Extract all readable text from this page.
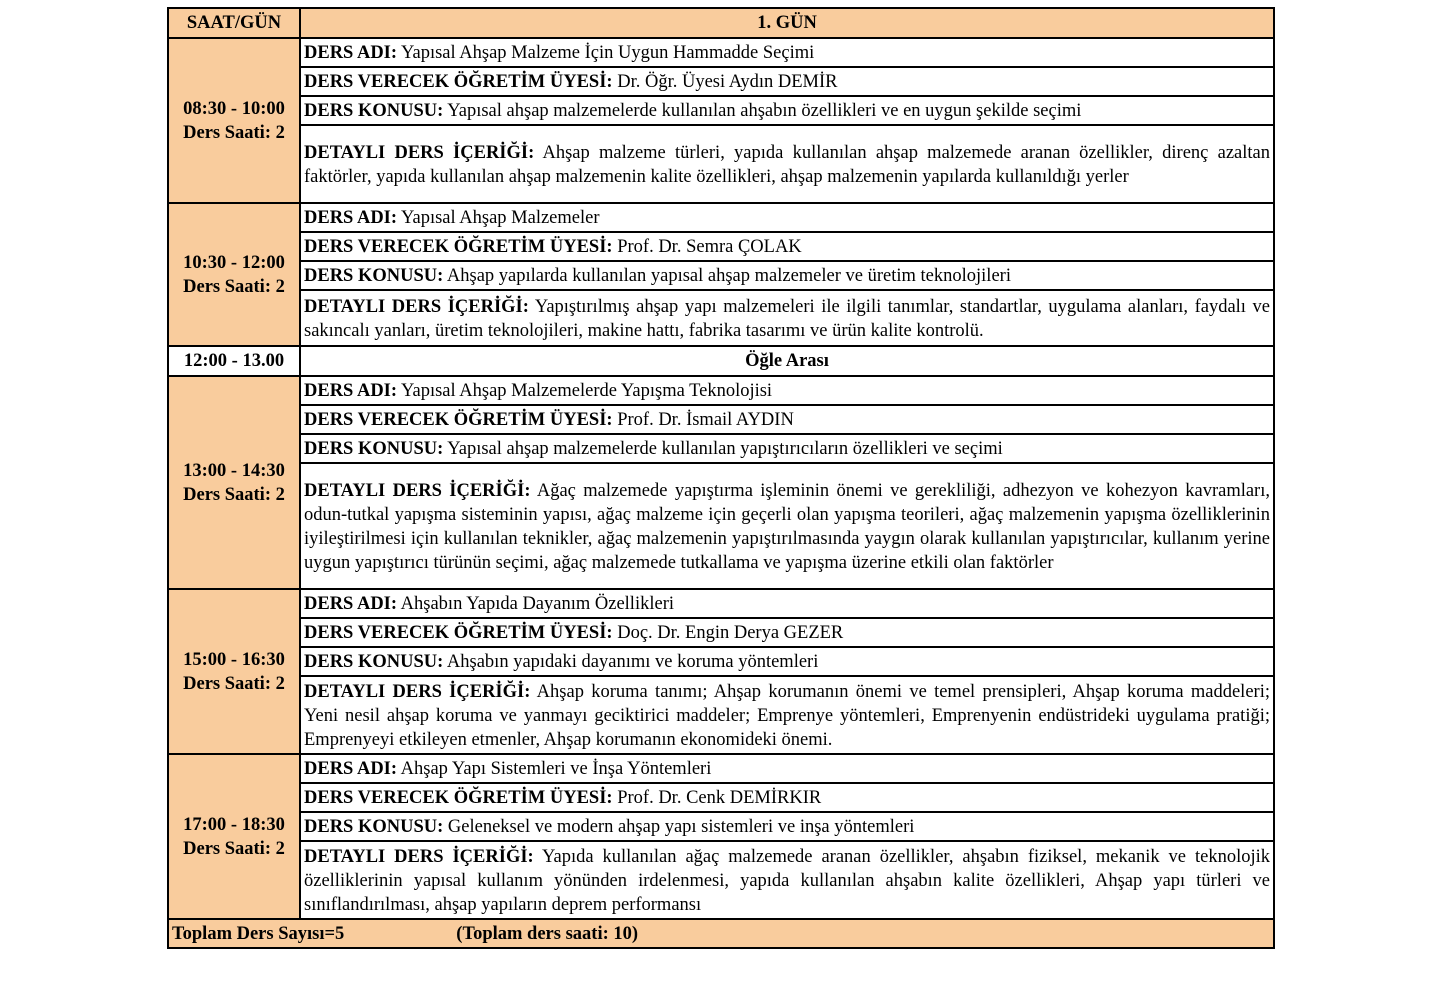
SAAT/GÜN	1. GÜN

08:30 - 10:00
Ders Saati: 2	DERS ADI: Yapısal Ahşap Malzeme İçin Uygun Hammadde Seçimi
	DERS VERECEK ÖĞRETİM ÜYESİ: Dr. Öğr. Üyesi Aydın DEMİR
	DERS KONUSU: Yapısal ahşap malzemelerde kullanılan ahşabın özellikleri ve en uygun şekilde seçimi
	DETAYLI DERS İÇERİĞİ: Ahşap malzeme türleri, yapıda kullanılan ahşap malzemede aranan özellikler, direnç azaltan faktörler, yapıda kullanılan ahşap malzemenin kalite özellikleri, ahşap malzemenin yapılarda kullanıldığı yerler

10:30 - 12:00
Ders Saati: 2	DERS ADI: Yapısal Ahşap Malzemeler
	DERS VERECEK ÖĞRETİM ÜYESİ: Prof. Dr. Semra ÇOLAK
	DERS KONUSU: Ahşap yapılarda kullanılan yapısal ahşap malzemeler ve üretim teknolojileri
	DETAYLI DERS İÇERİĞİ: Yapıştırılmış ahşap yapı malzemeleri ile ilgili tanımlar, standartlar, uygulama alanları, faydalı ve sakıncalı yanları, üretim teknolojileri, makine hattı, fabrika tasarımı ve ürün kalite kontrolü.
12:00 - 13.00	Öğle Arası

13:00 - 14:30
Ders Saati: 2	DERS ADI: Yapısal Ahşap Malzemelerde Yapışma Teknolojisi
	DERS VERECEK ÖĞRETİM ÜYESİ: Prof. Dr. İsmail AYDIN
	DERS KONUSU: Yapısal ahşap malzemelerde kullanılan yapıştırıcıların özellikleri ve seçimi
	DETAYLI DERS İÇERİĞİ: Ağaç malzemede yapıştırma işleminin önemi ve gerekliliği, adhezyon ve kohezyon kavramları, odun-tutkal yapışma sisteminin yapısı, ağaç malzeme için geçerli olan yapışma teorileri, ağaç malzemenin yapışma özelliklerinin iyileştirilmesi için kullanılan teknikler, ağaç malzemenin yapıştırılmasında yaygın olarak kullanılan yapıştırıcılar, kullanım yerine uygun yapıştırıcı türünün seçimi, ağaç malzemede tutkallama ve yapışma üzerine etkili olan faktörler

15:00 - 16:30
Ders Saati: 2	DERS ADI: Ahşabın Yapıda Dayanım Özellikleri
	DERS VERECEK ÖĞRETİM ÜYESİ: Doç. Dr. Engin Derya GEZER
	DERS KONUSU: Ahşabın yapıdaki dayanımı ve koruma yöntemleri
	DETAYLI DERS İÇERİĞİ: Ahşap koruma tanımı; Ahşap korumanın önemi ve temel prensipleri, Ahşap koruma maddeleri; Yeni nesil ahşap koruma ve yanmayı geciktirici maddeler; Emprenye yöntemleri, Emprenyenin endüstrideki uygulama pratiği; Emprenyeyi etkileyen etmenler, Ahşap korumanın ekonomideki önemi.

17:00 - 18:30
Ders Saati: 2	DERS ADI: Ahşap Yapı Sistemleri ve İnşa Yöntemleri
	DERS VERECEK ÖĞRETİM ÜYESİ: Prof. Dr. Cenk DEMİRKIR
	DERS KONUSU: Geleneksel ve modern ahşap yapı sistemleri ve inşa yöntemleri
	DETAYLI DERS İÇERİĞİ: Yapıda kullanılan ağaç malzemede aranan özellikler, ahşabın fiziksel, mekanik ve teknolojik özelliklerinin yapısal kullanım yönünden irdelenmesi, yapıda kullanılan ahşabın kalite özellikleri, Ahşap yapı türleri ve sınıflandırılması, ahşap yapıların deprem performansı
Toplam Ders Sayısı=5 (Toplam ders saati: 10)	
